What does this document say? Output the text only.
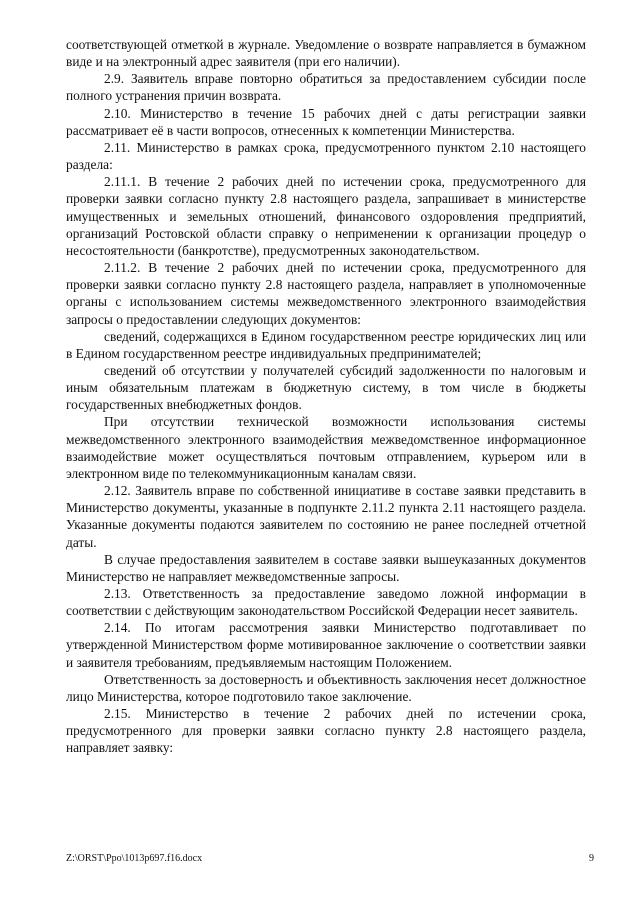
соответствующей отметкой в журнале. Уведомление о возврате направляется в бумажном виде и на электронный адрес заявителя (при его наличии).

2.9. Заявитель вправе повторно обратиться за предоставлением субсидии после полного устранения причин возврата.

2.10. Министерство в течение 15 рабочих дней с даты регистрации заявки рассматривает её в части вопросов, отнесенных к компетенции Министерства.

2.11. Министерство в рамках срока, предусмотренного пунктом 2.10 настоящего раздела:

2.11.1. В течение 2 рабочих дней по истечении срока, предусмотренного для проверки заявки согласно пункту 2.8 настоящего раздела, запрашивает в министерстве имущественных и земельных отношений, финансового оздоровления предприятий, организаций Ростовской области справку о неприменении к организации процедур о несостоятельности (банкротстве), предусмотренных законодательством.

2.11.2. В течение 2 рабочих дней по истечении срока, предусмотренного для проверки заявки согласно пункту 2.8 настоящего раздела, направляет в уполномоченные органы с использованием системы межведомственного электронного взаимодействия запросы о предоставлении следующих документов:

сведений, содержащихся в Едином государственном реестре юридических лиц или в Едином государственном реестре индивидуальных предпринимателей;

сведений об отсутствии у получателей субсидий задолженности по налоговым и иным обязательным платежам в бюджетную систему, в том числе в бюджеты государственных внебюджетных фондов.

При отсутствии технической возможности использования системы межведомственного электронного взаимодействия межведомственное информационное взаимодействие может осуществляться почтовым отправлением, курьером или в электронном виде по телекоммуникационным каналам связи.

2.12. Заявитель вправе по собственной инициативе в составе заявки представить в Министерство документы, указанные в подпункте 2.11.2 пункта 2.11 настоящего раздела. Указанные документы подаются заявителем по состоянию не ранее последней отчетной даты.

В случае предоставления заявителем в составе заявки вышеуказанных документов Министерство не направляет межведомственные запросы.

2.13. Ответственность за предоставление заведомо ложной информации в соответствии с действующим законодательством Российской Федерации несет заявитель.

2.14. По итогам рассмотрения заявки Министерство подготавливает по утвержденной Министерством форме мотивированное заключение о соответствии заявки и заявителя требованиям, предъявляемым настоящим Положением.

Ответственность за достоверность и объективность заключения несет должностное лицо Министерства, которое подготовило такое заключение.

2.15. Министерство в течение 2 рабочих дней по истечении срока, предусмотренного для проверки заявки согласно пункту 2.8 настоящего раздела, направляет заявку:

Z:\ORST\Ppo\1013p697.f16.docx	9
